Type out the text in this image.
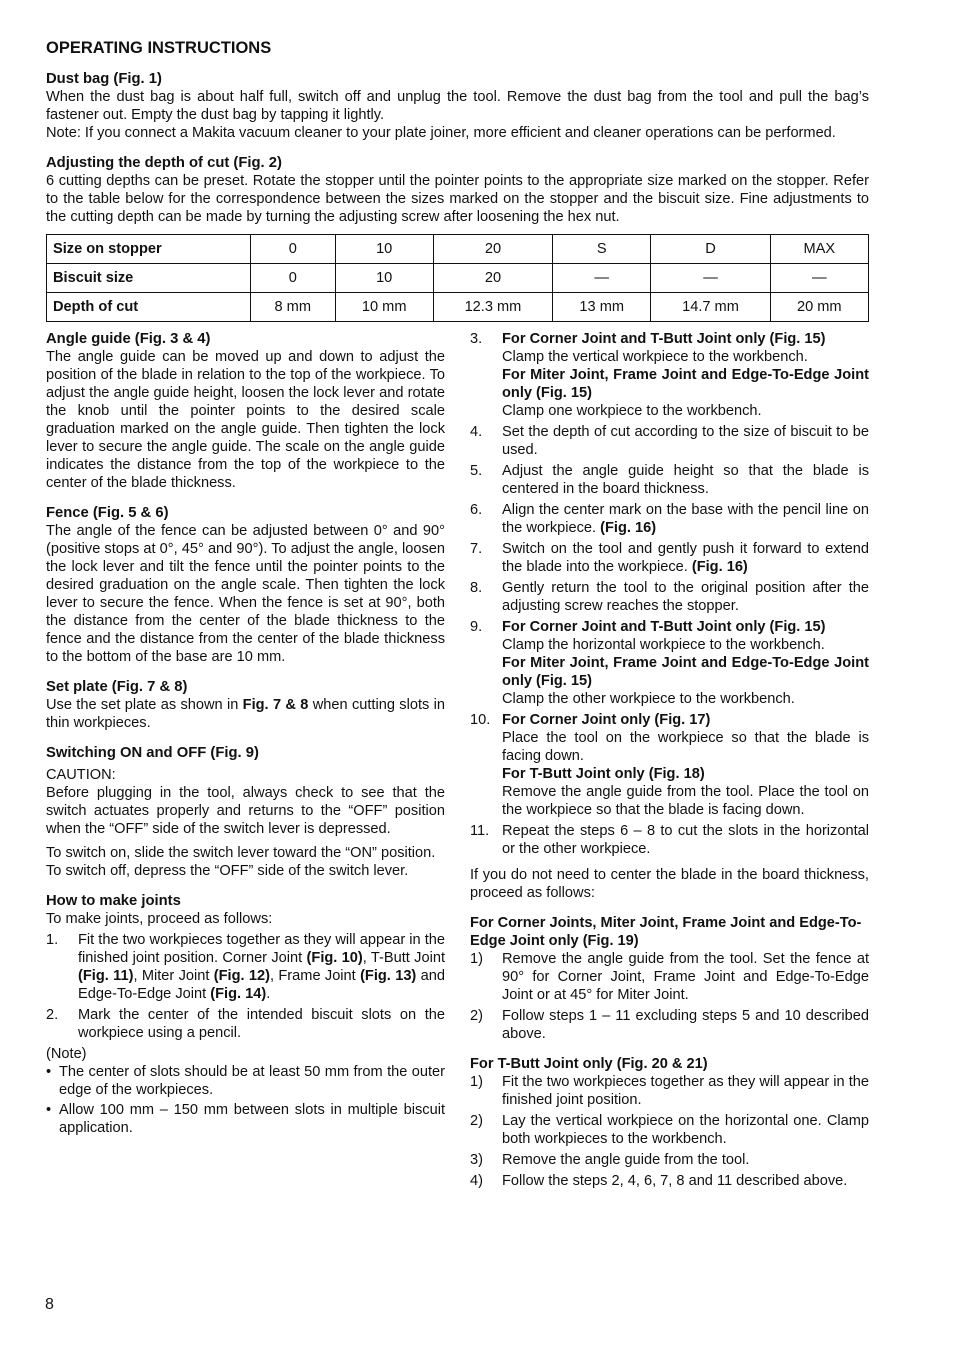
OPERATING INSTRUCTIONS
Dust bag (Fig. 1)

When the dust bag is about half full, switch off and unplug the tool. Remove the dust bag from the tool and pull the bag’s fastener out. Empty the dust bag by tapping it lightly.

Note: If you connect a Makita vacuum cleaner to your plate joiner, more efficient and cleaner operations can be performed.

Adjusting the depth of cut (Fig. 2)

6 cutting depths can be preset. Rotate the stopper until the pointer points to the appropriate size marked on the stopper. Refer to the table below for the correspondence between the sizes marked on the stopper and the biscuit size. Fine adjustments to the cutting depth can be made by turning the adjusting screw after loosening the hex nut.

Size on stopper	0	10	20	S	D	MAX
Biscuit size	0	10	20	—	—	—
Depth of cut	8 mm	10 mm	12.3 mm	13 mm	14.7 mm	20 mm
Angle guide (Fig. 3 & 4)

The angle guide can be moved up and down to adjust the position of the blade in relation to the top of the workpiece. To adjust the angle guide height, loosen the lock lever and rotate the knob until the pointer points to the desired scale graduation marked on the angle guide. Then tighten the lock lever to secure the angle guide. The scale on the angle guide indicates the distance from the top of the workpiece to the center of the blade thickness.

Fence (Fig. 5 & 6)

The angle of the fence can be adjusted between 0° and 90° (positive stops at 0°, 45° and 90°). To adjust the angle, loosen the lock lever and tilt the fence until the pointer points to the desired graduation on the angle scale. Then tighten the lock lever to secure the fence. When the fence is set at 90°, both the distance from the center of the blade thickness to the fence and the distance from the center of the blade thickness to the bottom of the base are 10 mm.

Set plate (Fig. 7 & 8)

Use the set plate as shown in Fig. 7 & 8 when cutting slots in thin workpieces.

Switching ON and OFF (Fig. 9)

CAUTION:

Before plugging in the tool, always check to see that the switch actuates properly and returns to the “OFF” position when the “OFF” side of the switch lever is depressed.

To switch on, slide the switch lever toward the “ON” position.

To switch off, depress the “OFF” side of the switch lever.

How to make joints

To make joints, proceed as follows:

1. Fit the two workpieces together as they will appear in the finished joint position. Corner Joint (Fig. 10), T-Butt Joint (Fig. 11), Miter Joint (Fig. 12), Frame Joint (Fig. 13) and Edge-To-Edge Joint (Fig. 14).
2. Mark the center of the intended biscuit slots on the workpiece using a pencil.

(Note)

• The center of slots should be at least 50 mm from the outer edge of the workpieces.
• Allow 100 mm – 150 mm between slots in multiple biscuit application.
3. For Corner Joint and T-Butt Joint only (Fig. 15)
Clamp the vertical workpiece to the workbench.
For Miter Joint, Frame Joint and Edge-To-Edge Joint only (Fig. 15)
Clamp one workpiece to the workbench.
4. Set the depth of cut according to the size of biscuit to be used.
5. Adjust the angle guide height so that the blade is centered in the board thickness.
6. Align the center mark on the base with the pencil line on the workpiece. (Fig. 16)
7. Switch on the tool and gently push it forward to extend the blade into the workpiece. (Fig. 16)
8. Gently return the tool to the original position after the adjusting screw reaches the stopper.
9. For Corner Joint and T-Butt Joint only (Fig. 15)
Clamp the horizontal workpiece to the workbench.
For Miter Joint, Frame Joint and Edge-To-Edge Joint only (Fig. 15)
Clamp the other workpiece to the workbench.
10. For Corner Joint only (Fig. 17)
Place the tool on the workpiece so that the blade is facing down.
For T-Butt Joint only (Fig. 18)
Remove the angle guide from the tool. Place the tool on the workpiece so that the blade is facing down.
11. Repeat the steps 6 – 8 to cut the slots in the horizontal or the other workpiece.

If you do not need to center the blade in the board thickness, proceed as follows:

For Corner Joints, Miter Joint, Frame Joint and Edge-To-Edge Joint only (Fig. 19)
1) Remove the angle guide from the tool. Set the fence at 90° for Corner Joint, Frame Joint and Edge-To-Edge Joint or at 45° for Miter Joint.
2) Follow steps 1 – 11 excluding steps 5 and 10 described above.
For T-Butt Joint only (Fig. 20 & 21)
1) Fit the two workpieces together as they will appear in the finished joint position.
2) Lay the vertical workpiece on the horizontal one. Clamp both workpieces to the workbench.
3) Remove the angle guide from the tool.
4) Follow the steps 2, 4, 6, 7, 8 and 11 described above.
8
